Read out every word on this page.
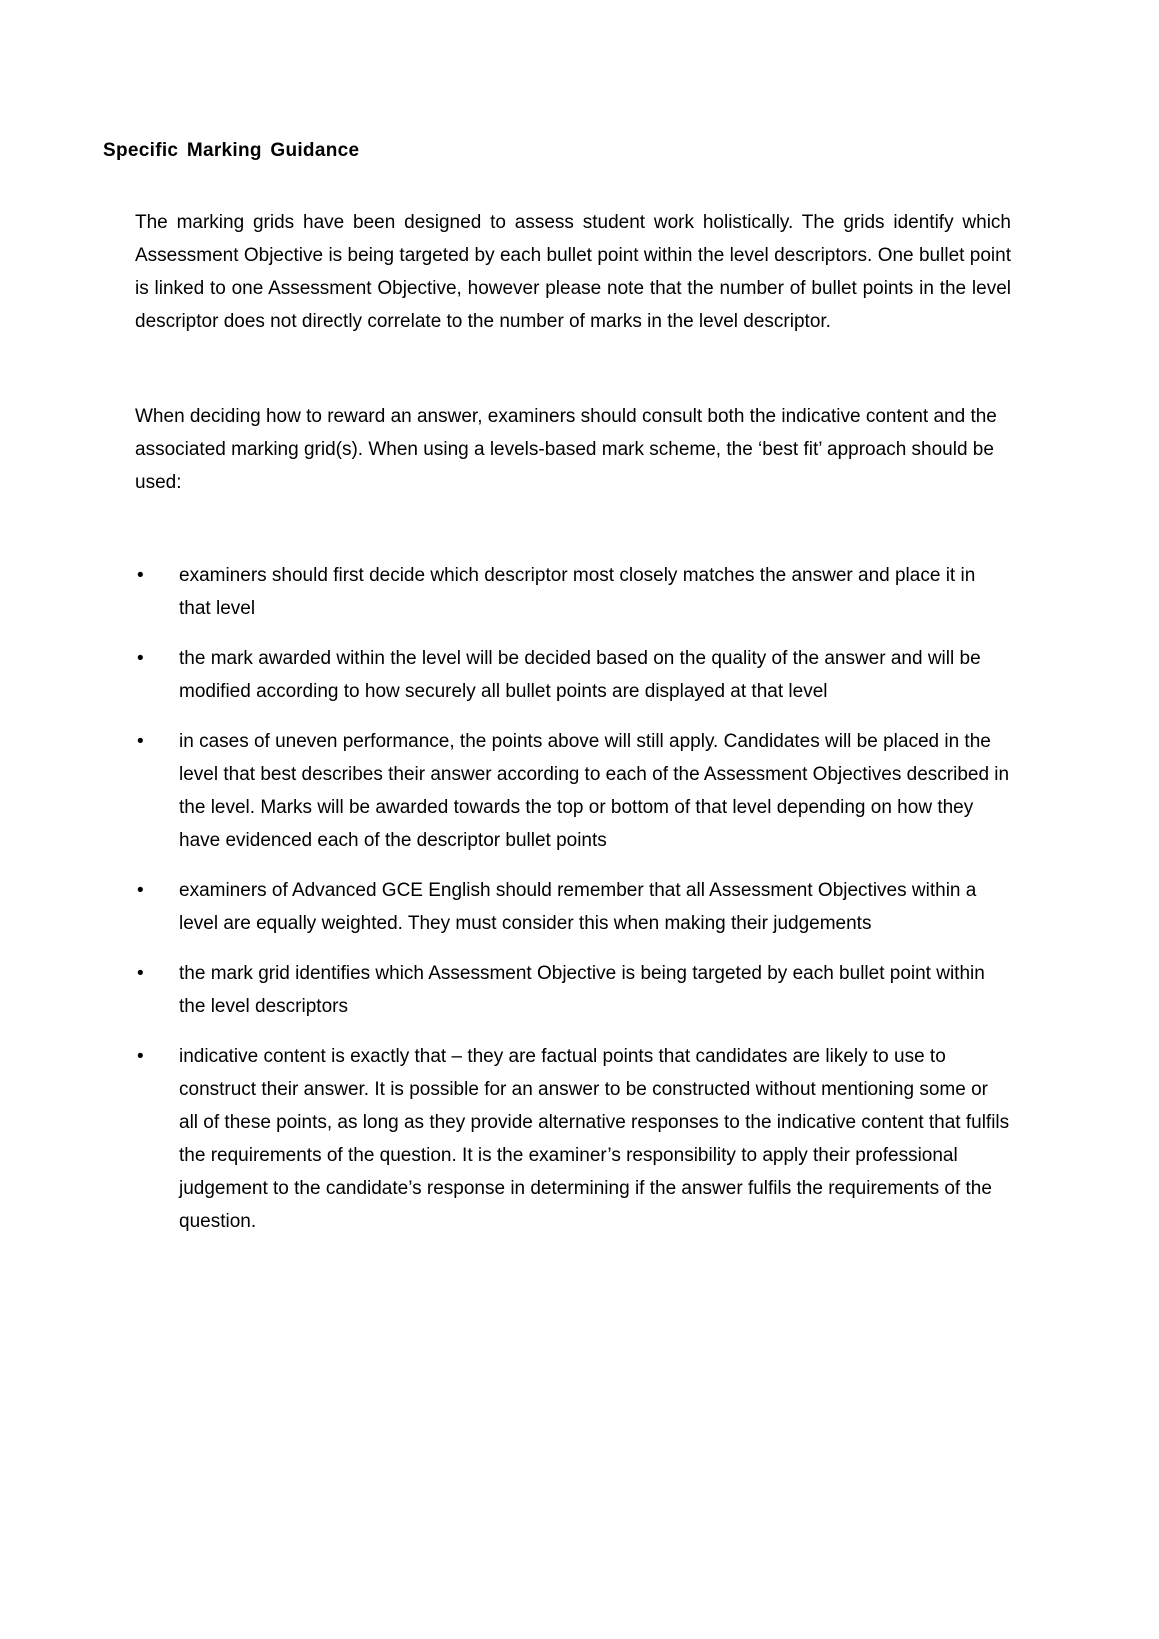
Specific Marking Guidance

The marking grids have been designed to assess student work holistically. The grids identify which Assessment Objective is being targeted by each bullet point within the level descriptors. One bullet point is linked to one Assessment Objective, however please note that the number of bullet points in the level descriptor does not directly correlate to the number of marks in the level descriptor.

When deciding how to reward an answer, examiners should consult both the indicative content and the associated marking grid(s). When using a levels-based mark scheme, the ‘best fit’ approach should be used:

•	examiners should first decide which descriptor most closely matches the answer and place it in that level
•	the mark awarded within the level will be decided based on the quality of the answer and will be modified according to how securely all bullet points are displayed at that level
•	in cases of uneven performance, the points above will still apply. Candidates will be placed in the level that best describes their answer according to each of the Assessment Objectives described in the level. Marks will be awarded towards the top or bottom of that level depending on how they have evidenced each of the descriptor bullet points
•	examiners of Advanced GCE English should remember that all Assessment Objectives within a level are equally weighted. They must consider this when making their judgements
•	the mark grid identifies which Assessment Objective is being targeted by each bullet point within the level descriptors
•	indicative content is exactly that – they are factual points that candidates are likely to use to construct their answer. It is possible for an answer to be constructed without mentioning some or all of these points, as long as they provide alternative responses to the indicative content that fulfils the requirements of the question. It is the examiner’s responsibility to apply their professional judgement to the candidate’s response in determining if the answer fulfils the requirements of the question.
